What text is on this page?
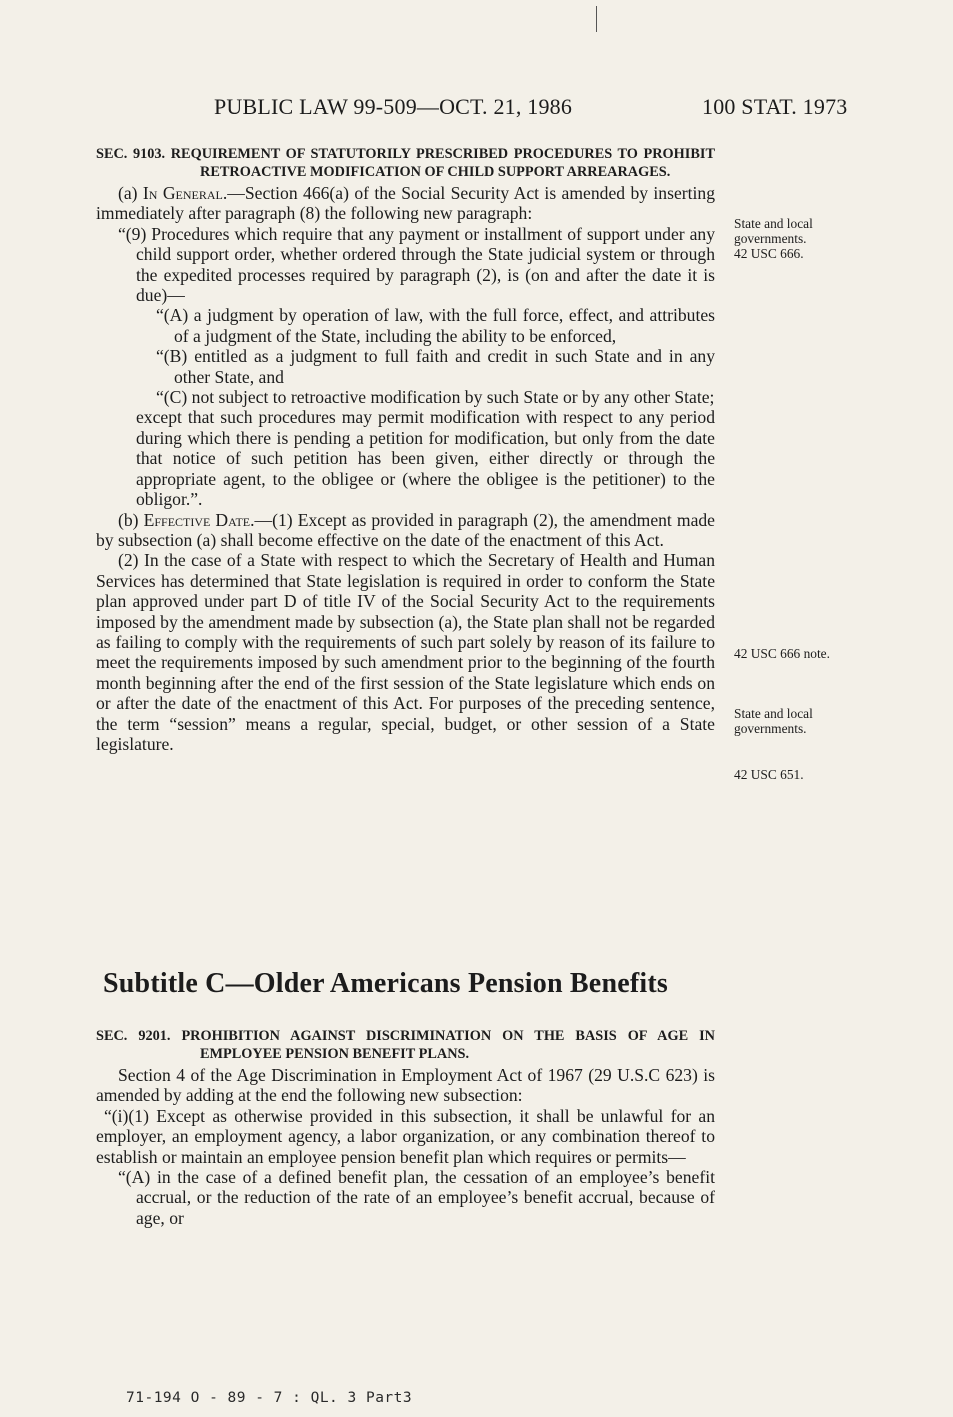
PUBLIC LAW 99-509—OCT. 21, 1986	100 STAT. 1973
SEC. 9103. REQUIREMENT OF STATUTORILY PRESCRIBED PROCEDURES TO PROHIBIT RETROACTIVE MODIFICATION OF CHILD SUPPORT ARREARAGES.

(a) In General.—Section 466(a) of the Social Security Act is amended by inserting immediately after paragraph (8) the following new paragraph:

“(9) Procedures which require that any payment or installment of support under any child support order, whether ordered through the State judicial system or through the expedited processes required by paragraph (2), is (on and after the date it is due)—

“(A) a judgment by operation of law, with the full force, effect, and attributes of a judgment of the State, including the ability to be enforced,

“(B) entitled as a judgment to full faith and credit in such State and in any other State, and

“(C) not subject to retroactive modification by such State or by any other State;

except that such procedures may permit modification with respect to any period during which there is pending a petition for modification, but only from the date that notice of such petition has been given, either directly or through the appropriate agent, to the obligee or (where the obligee is the petitioner) to the obligor.”.

(b) Effective Date.—(1) Except as provided in paragraph (2), the amendment made by subsection (a) shall become effective on the date of the enactment of this Act.

(2) In the case of a State with respect to which the Secretary of Health and Human Services has determined that State legislation is required in order to conform the State plan approved under part D of title IV of the Social Security Act to the requirements imposed by the amendment made by subsection (a), the State plan shall not be regarded as failing to comply with the requirements of such part solely by reason of its failure to meet the requirements imposed by such amendment prior to the beginning of the fourth month beginning after the end of the first session of the State legislature which ends on or after the date of the enactment of this Act. For purposes of the preceding sentence, the term “session” means a regular, special, budget, or other session of a State legislature.

Subtitle C—Older Americans Pension Benefits
SEC. 9201. PROHIBITION AGAINST DISCRIMINATION ON THE BASIS OF AGE IN EMPLOYEE PENSION BENEFIT PLANS.

Section 4 of the Age Discrimination in Employment Act of 1967 (29 U.S.C 623) is amended by adding at the end the following new subsection:

“(i)(1) Except as otherwise provided in this subsection, it shall be unlawful for an employer, an employment agency, a labor organization, or any combination thereof to establish or maintain an employee pension benefit plan which requires or permits—

“(A) in the case of a defined benefit plan, the cessation of an employee’s benefit accrual, or the reduction of the rate of an employee’s benefit accrual, because of age, or

State and local
governments.
42 USC 666.
42 USC 666 note.
State and local
governments.
42 USC 651.
71-194 O - 89 - 7 : QL. 3 Part3
